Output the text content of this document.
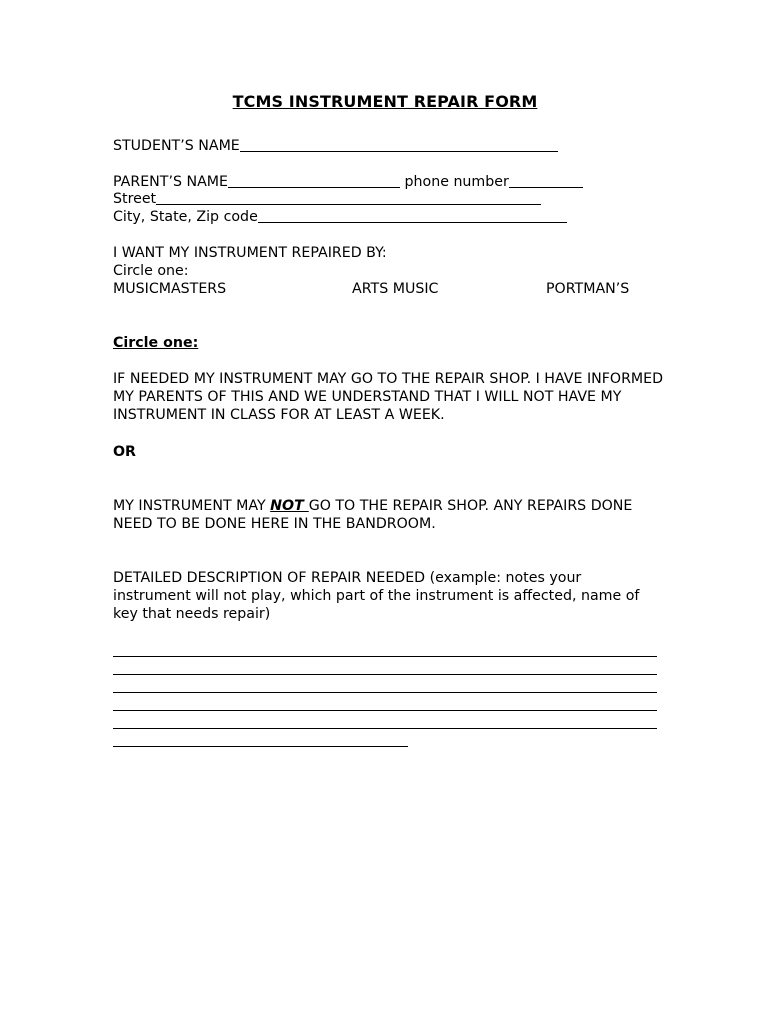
TCMS INSTRUMENT REPAIR FORM
STUDENT’S NAME
PARENT’S NAME	phone number
Street
City, State, Zip code
I WANT MY INSTRUMENT REPAIRED BY:
Circle one:
MUSICMASTERS	ARTS MUSIC	PORTMAN’S
Circle one:
IF NEEDED MY INSTRUMENT MAY GO TO THE REPAIR SHOP. I HAVE INFORMED MY PARENTS OF THIS AND WE UNDERSTAND THAT I WILL NOT HAVE MY INSTRUMENT IN CLASS FOR AT LEAST A WEEK.
OR
MY INSTRUMENT MAY NOT GO TO THE REPAIR SHOP. ANY REPAIRS DONE NEED TO BE DONE HERE IN THE BANDROOM.
DETAILED DESCRIPTION OF REPAIR NEEDED (example: notes your instrument will not play, which part of the instrument is affected, name of key that needs repair)
